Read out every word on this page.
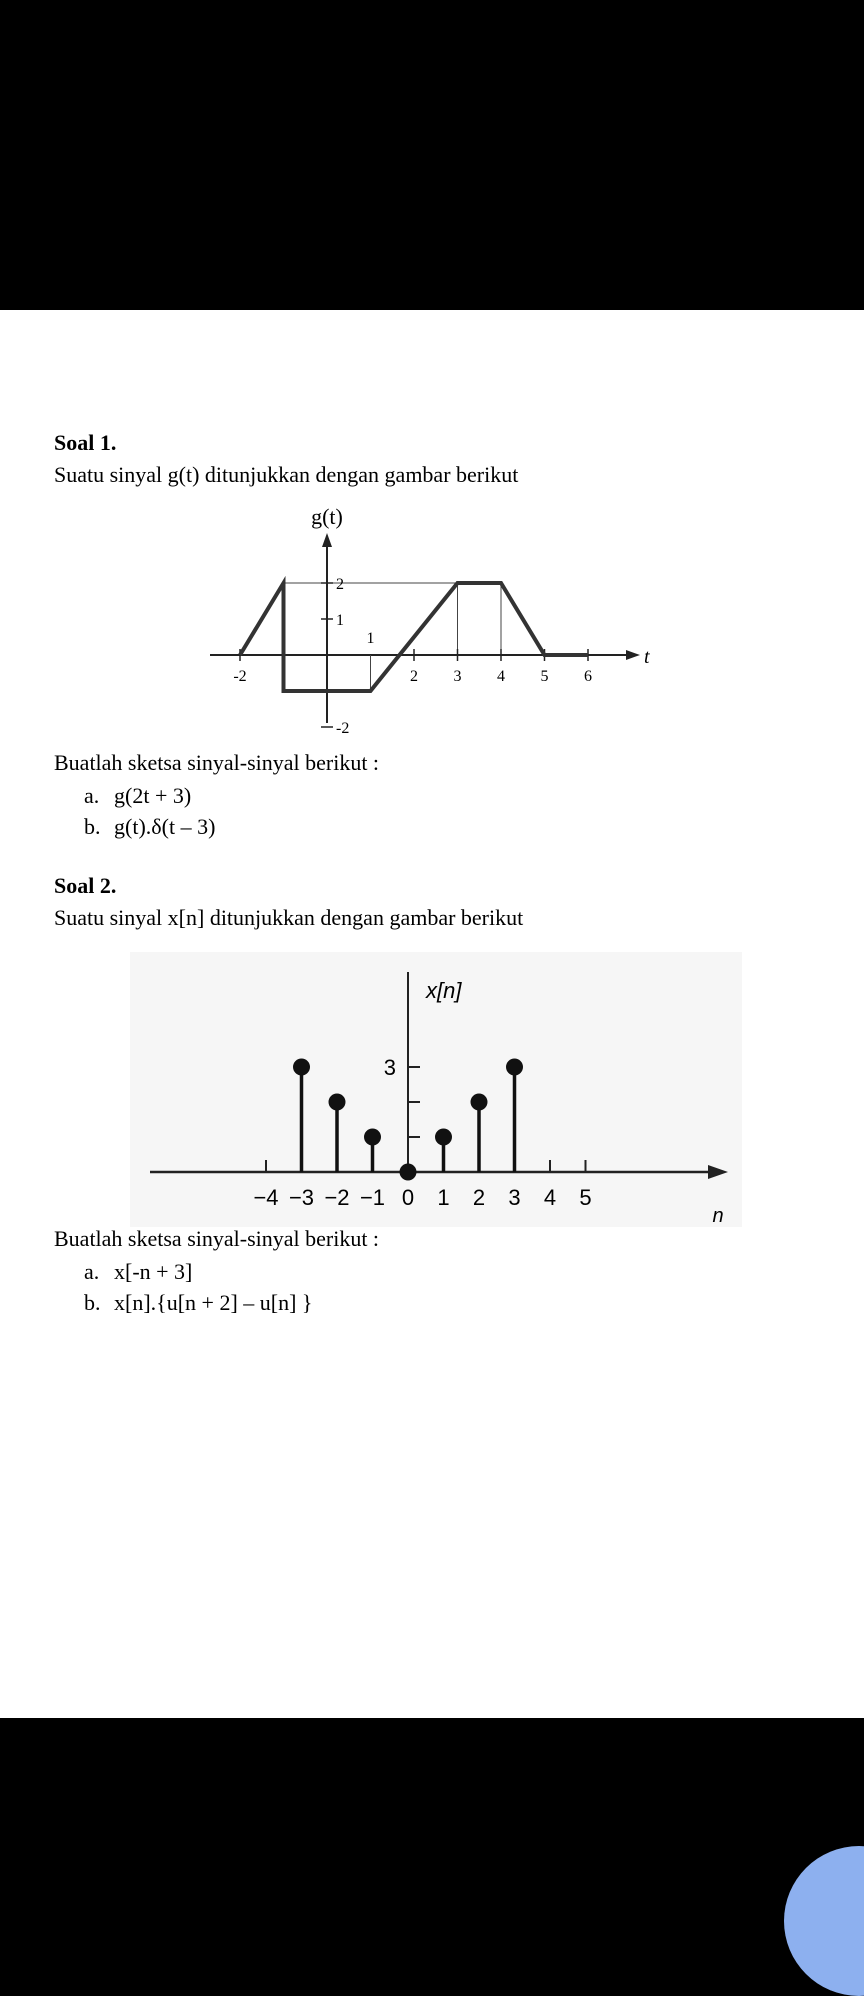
Soal 1.
Suatu sinyal g(t) ditunjukkan dengan gambar berikut
g(t)
t
-2	2 3 4 5 6
1
2
1
-2
Buatlah sketsa sinyal-sinyal berikut :
a. g(2t + 3)
b. g(t).δ(t – 3)
Soal 2.
Suatu sinyal x[n] ditunjukkan dengan gambar berikut
x[n]
n
3
−4 −3 −2 −1 0 1 2 3 4 5
Buatlah sketsa sinyal-sinyal berikut :
a. x[-n + 3]
b. x[n].{u[n + 2] – u[n] }
